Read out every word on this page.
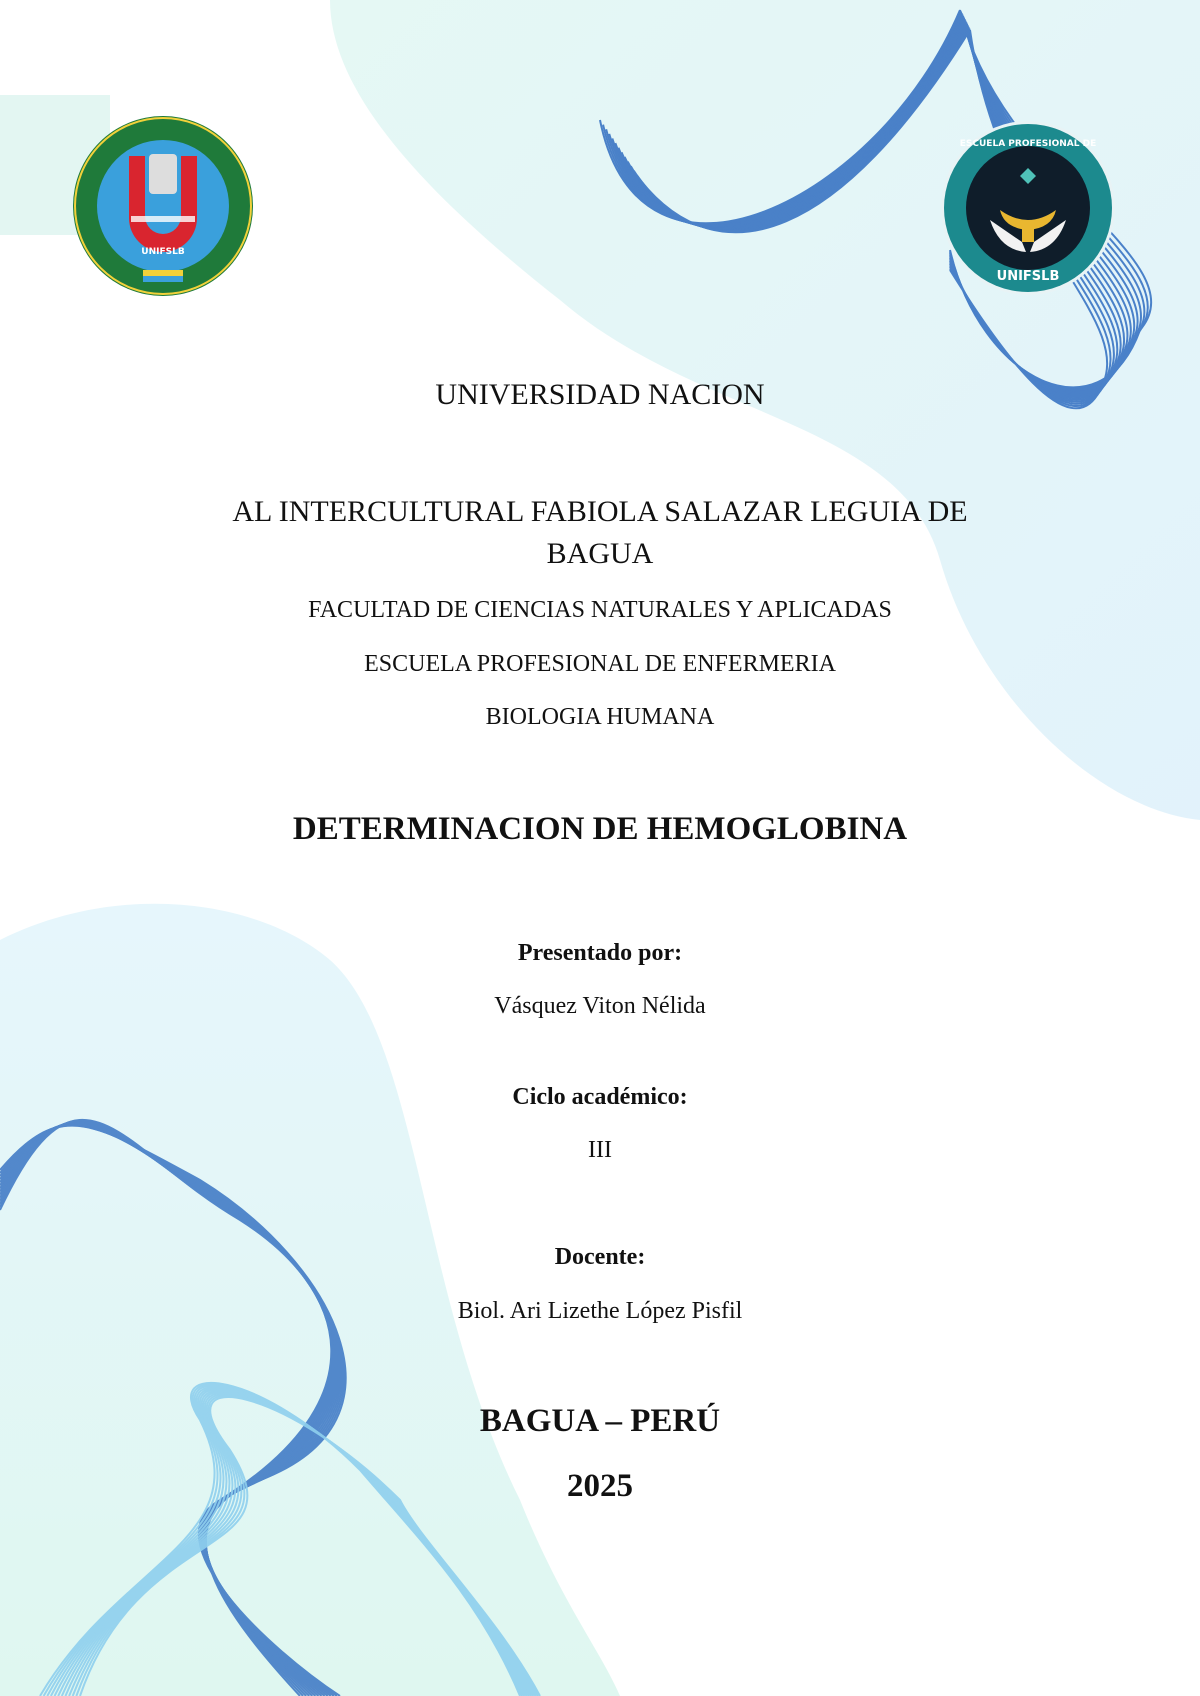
UNIFSLB
UNIFSLB
ESCUELA PROFESIONAL DE
UNIVERSIDAD NACION
AL INTERCULTURAL FABIOLA SALAZAR LEGUIA DE
BAGUA
FACULTAD DE CIENCIAS NATURALES Y APLICADAS
ESCUELA PROFESIONAL DE ENFERMERIA
BIOLOGIA HUMANA
DETERMINACION DE HEMOGLOBINA
Presentado por:
Vásquez Viton Nélida
Ciclo académico:
III
Docente:
Biol. Ari Lizethe López Pisfil
BAGUA – PERÚ
2025
